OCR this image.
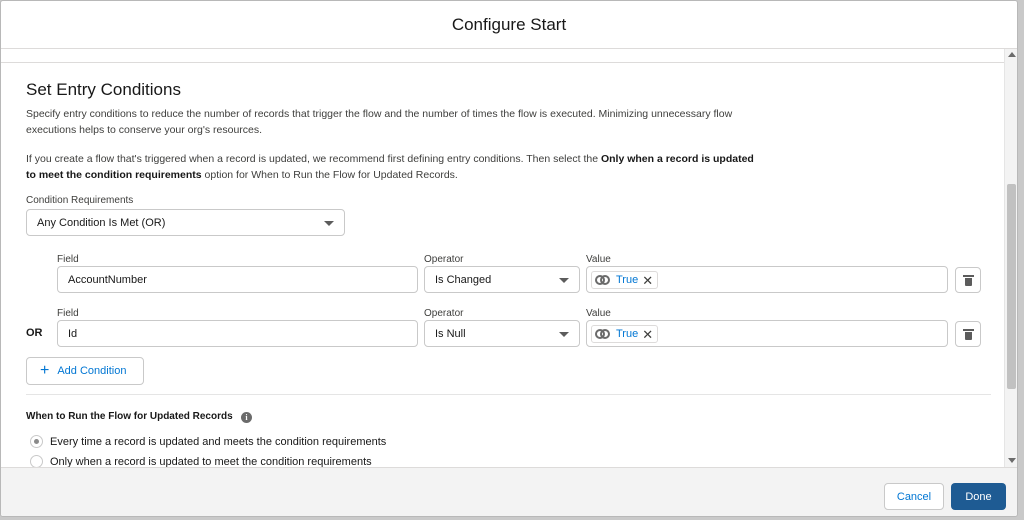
Configure Start
Set Entry Conditions
Specify entry conditions to reduce the number of records that trigger the flow and the number of times the flow is executed. Minimizing unnecessary flow executions helps to conserve your org's resources.
If you create a flow that's triggered when a record is updated, we recommend first defining entry conditions. Then select the Only when a record is updated to meet the condition requirements option for When to Run the Flow for Updated Records.
Condition Requirements
Any Condition Is Met (OR)
Field
AccountNumber
Operator
Is Changed
Value
True ✕
OR
Field
Id
Operator
Is Null
Value
True ✕
+ Add Condition
When to Run the Flow for Updated Records	i
Every time a record is updated and meets the condition requirements
Only when a record is updated to meet the condition requirements
Cancel	Done
